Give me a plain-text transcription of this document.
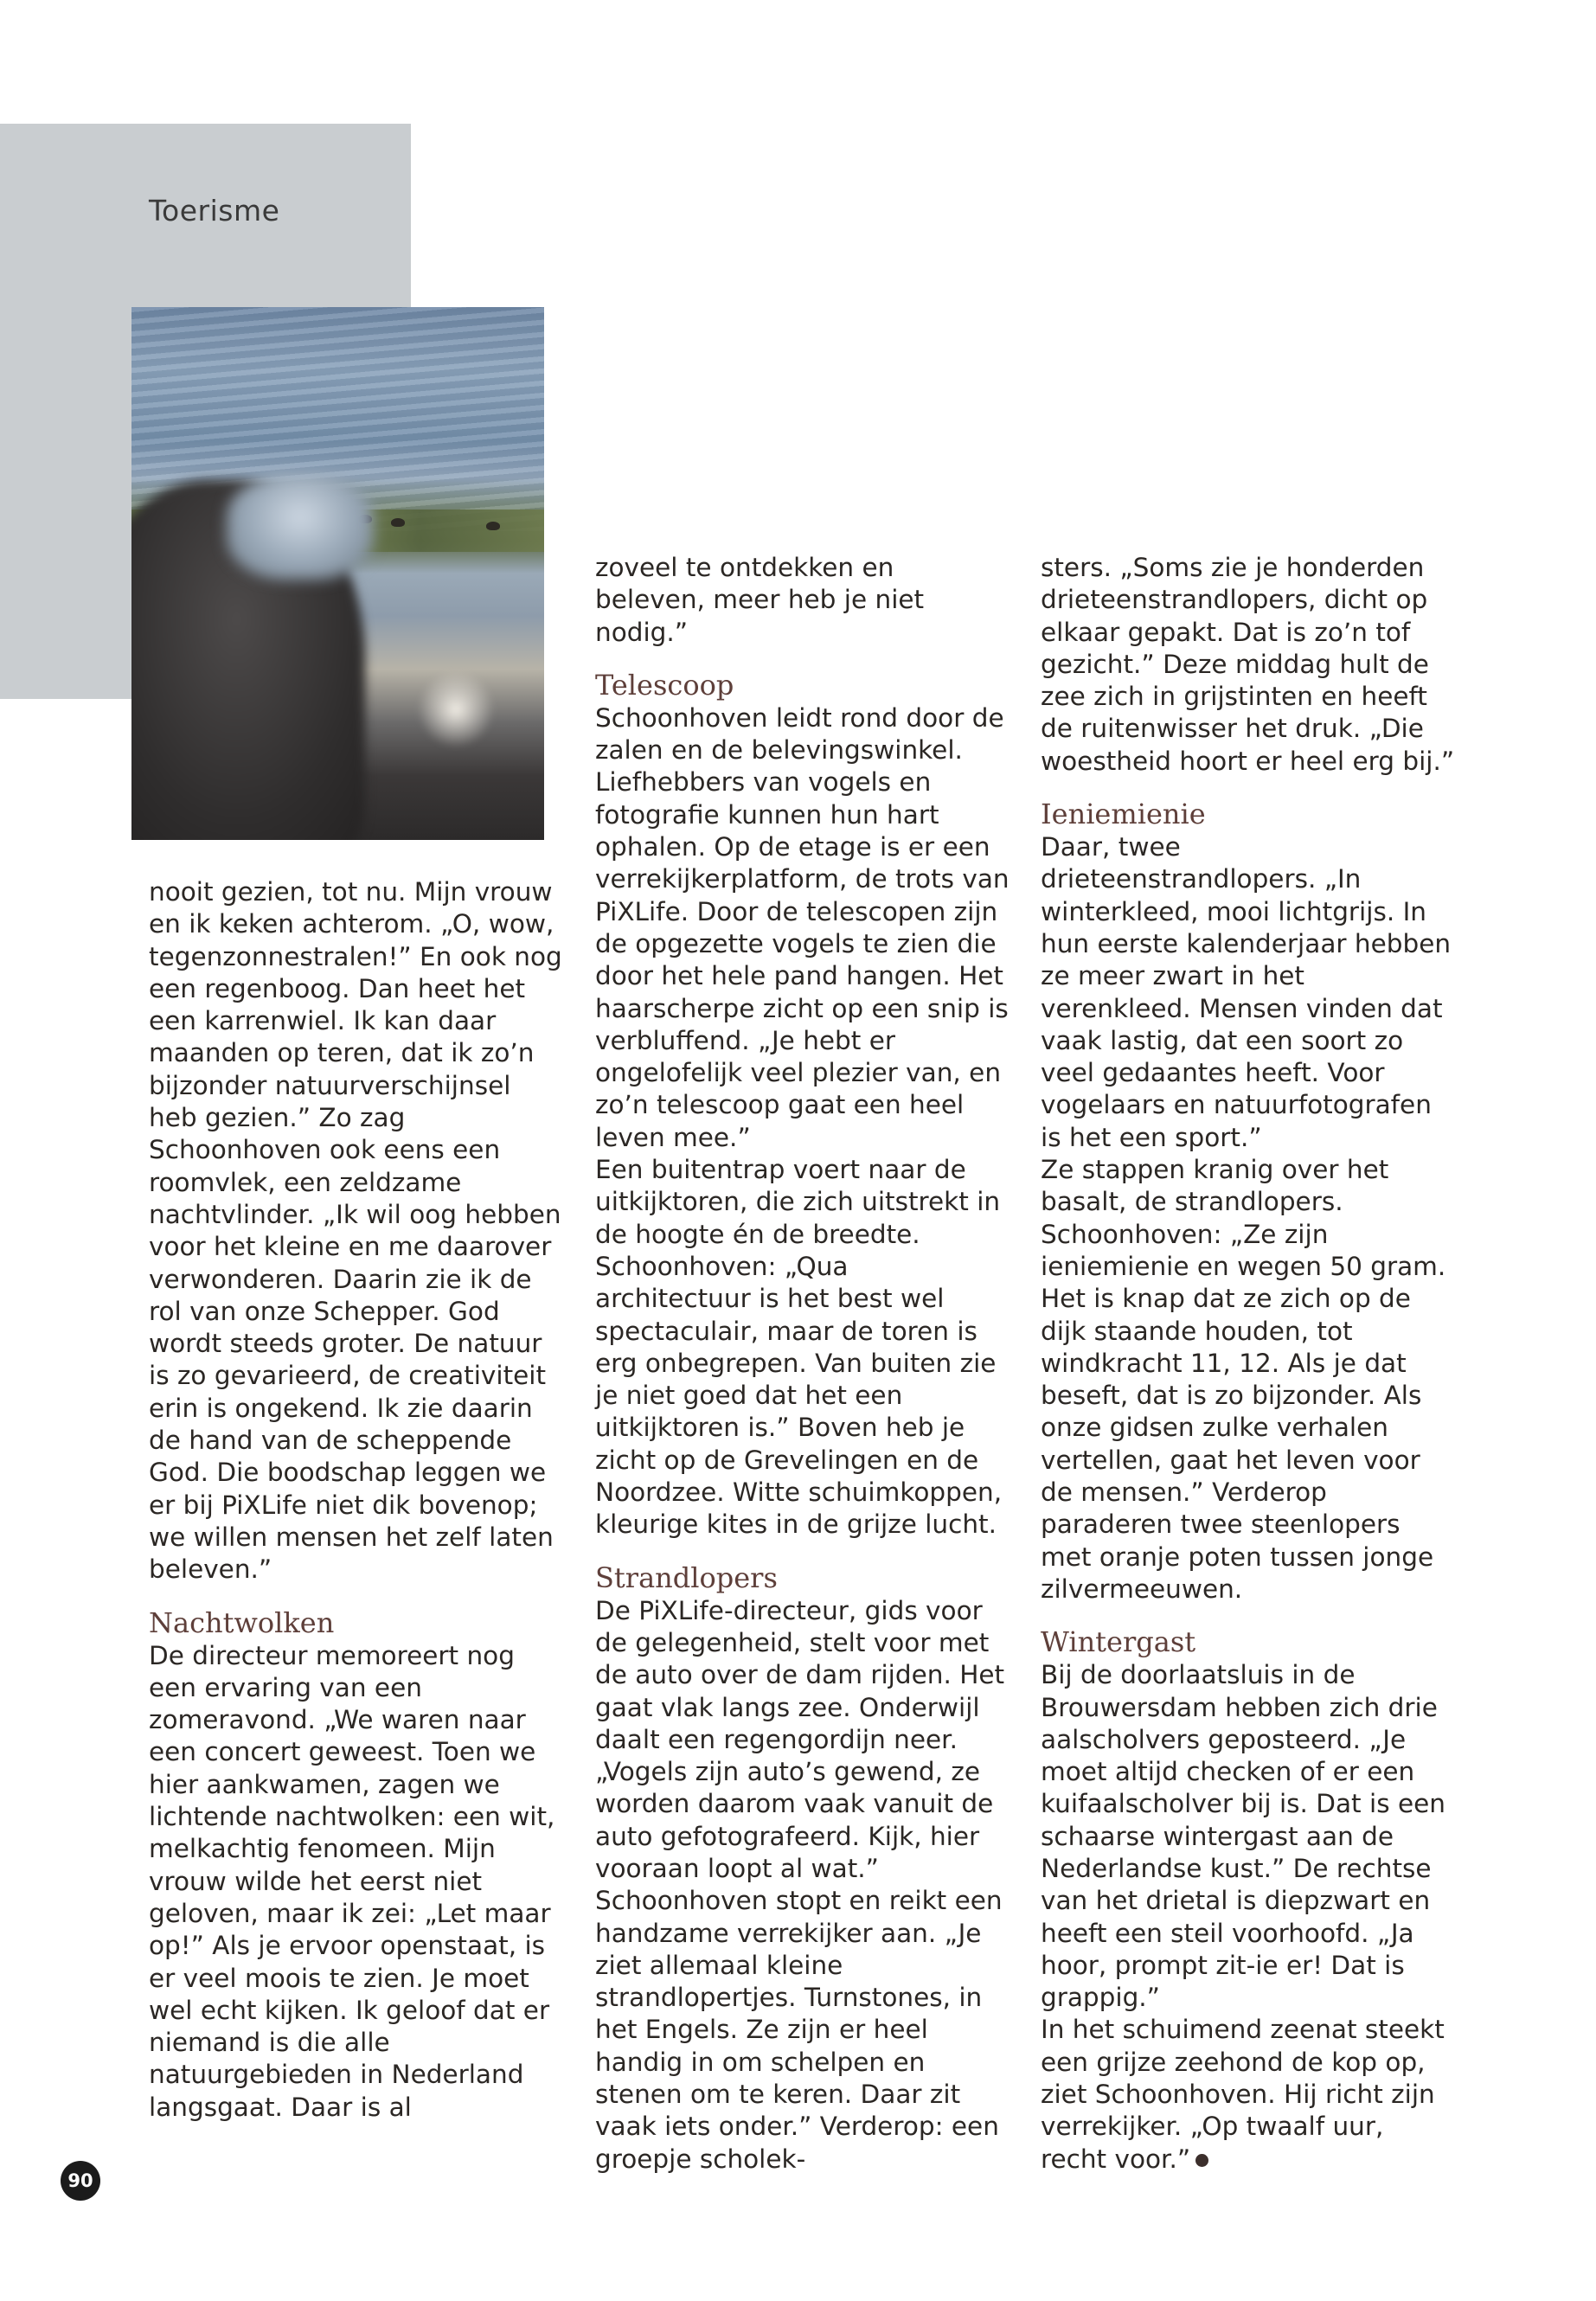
Toerisme

nooit gezien, tot nu. Mijn vrouw en ik keken achterom. „O, wow, tegenzonnestralen!” En ook nog een regenboog. Dan heet het een karrenwiel. Ik kan daar maanden op teren, dat ik zo’n bijzonder natuurverschijnsel heb gezien.” Zo zag Schoonhoven ook eens een roomvlek, een zeldzame nachtvlinder. „Ik wil oog hebben voor het kleine en me daarover verwonderen. Daarin zie ik de rol van onze Schepper. God wordt steeds groter. De natuur is zo gevarieerd, de creativiteit erin is ongekend. Ik zie daarin de hand van de scheppende God. Die boodschap leggen we er bij PiXLife niet dik bovenop; we willen mensen het zelf laten beleven.”

Nachtwolken

De directeur memoreert nog een ervaring van een zomeravond. „We waren naar een concert geweest. Toen we hier aankwamen, zagen we lichtende nachtwolken: een wit, melkachtig fenomeen. Mijn vrouw wilde het eerst niet geloven, maar ik zei: „Let maar op!” Als je ervoor openstaat, is er veel moois te zien. Je moet wel echt kijken. Ik geloof dat er niemand is die alle natuurgebieden in Nederland langsgaat. Daar is al

zoveel te ontdekken en beleven, meer heb je niet nodig.”

Telescoop

Schoonhoven leidt rond door de zalen en de belevingswinkel. Liefhebbers van vogels en fotografie kunnen hun hart ophalen. Op de etage is er een verrekijkerplatform, de trots van PiXLife. Door de telescopen zijn de opgezette vogels te zien die door het hele pand hangen. Het haarscherpe zicht op een snip is verbluffend. „Je hebt er ongelofelijk veel plezier van, en zo’n telescoop gaat een heel leven mee.”

Een buitentrap voert naar de uitkijktoren, die zich uitstrekt in de hoogte én de breedte. Schoonhoven: „Qua architectuur is het best wel spectaculair, maar de toren is erg onbegrepen. Van buiten zie je niet goed dat het een uitkijktoren is.” Boven heb je zicht op de Grevelingen en de Noordzee. Witte schuimkoppen, kleurige kites in de grijze lucht.

Strandlopers

De PiXLife-directeur, gids voor de gelegenheid, stelt voor met de auto over de dam rijden. Het gaat vlak langs zee. Onderwijl daalt een regengordijn neer. „Vogels zijn auto’s gewend, ze worden daarom vaak vanuit de auto gefotografeerd. Kijk, hier vooraan loopt al wat.” Schoonhoven stopt en reikt een handzame verrekijker aan. „Je ziet allemaal kleine strandlopertjes. Turnstones, in het Engels. Ze zijn er heel handig in om schelpen en stenen om te keren. Daar zit vaak iets onder.” Verderop: een groepje scholek-

sters. „Soms zie je honderden drieteenstrandlopers, dicht op elkaar gepakt. Dat is zo’n tof gezicht.” Deze middag hult de zee zich in grijstinten en heeft de ruitenwisser het druk. „Die woestheid hoort er heel erg bij.”

Ieniemienie

Daar, twee drieteenstrandlopers. „In winterkleed, mooi lichtgrijs. In hun eerste kalenderjaar hebben ze meer zwart in het verenkleed. Mensen vinden dat vaak lastig, dat een soort zo veel gedaantes heeft. Voor vogelaars en natuurfotografen is het een sport.”

Ze stappen kranig over het basalt, de strandlopers. Schoonhoven: „Ze zijn ieniemienie en wegen 50 gram. Het is knap dat ze zich op de dijk staande houden, tot windkracht 11, 12. Als je dat beseft, dat is zo bijzonder. Als onze gidsen zulke verhalen vertellen, gaat het leven voor de mensen.” Verderop paraderen twee steenlopers met oranje poten tussen jonge zilvermeeuwen.

Wintergast

Bij de doorlaatsluis in de Brouwersdam hebben zich drie aalscholvers geposteerd. „Je moet altijd checken of er een kuifaalscholver bij is. Dat is een schaarse wintergast aan de Nederlandse kust.” De rechtse van het drietal is diepzwart en heeft een steil voorhoofd. „Ja hoor, prompt zit-ie er! Dat is grappig.”

In het schuimend zeenat steekt een grijze zeehond de kop op, ziet Schoonhoven. Hij richt zijn verrekijker. „Op twaalf uur, recht voor.”

90
